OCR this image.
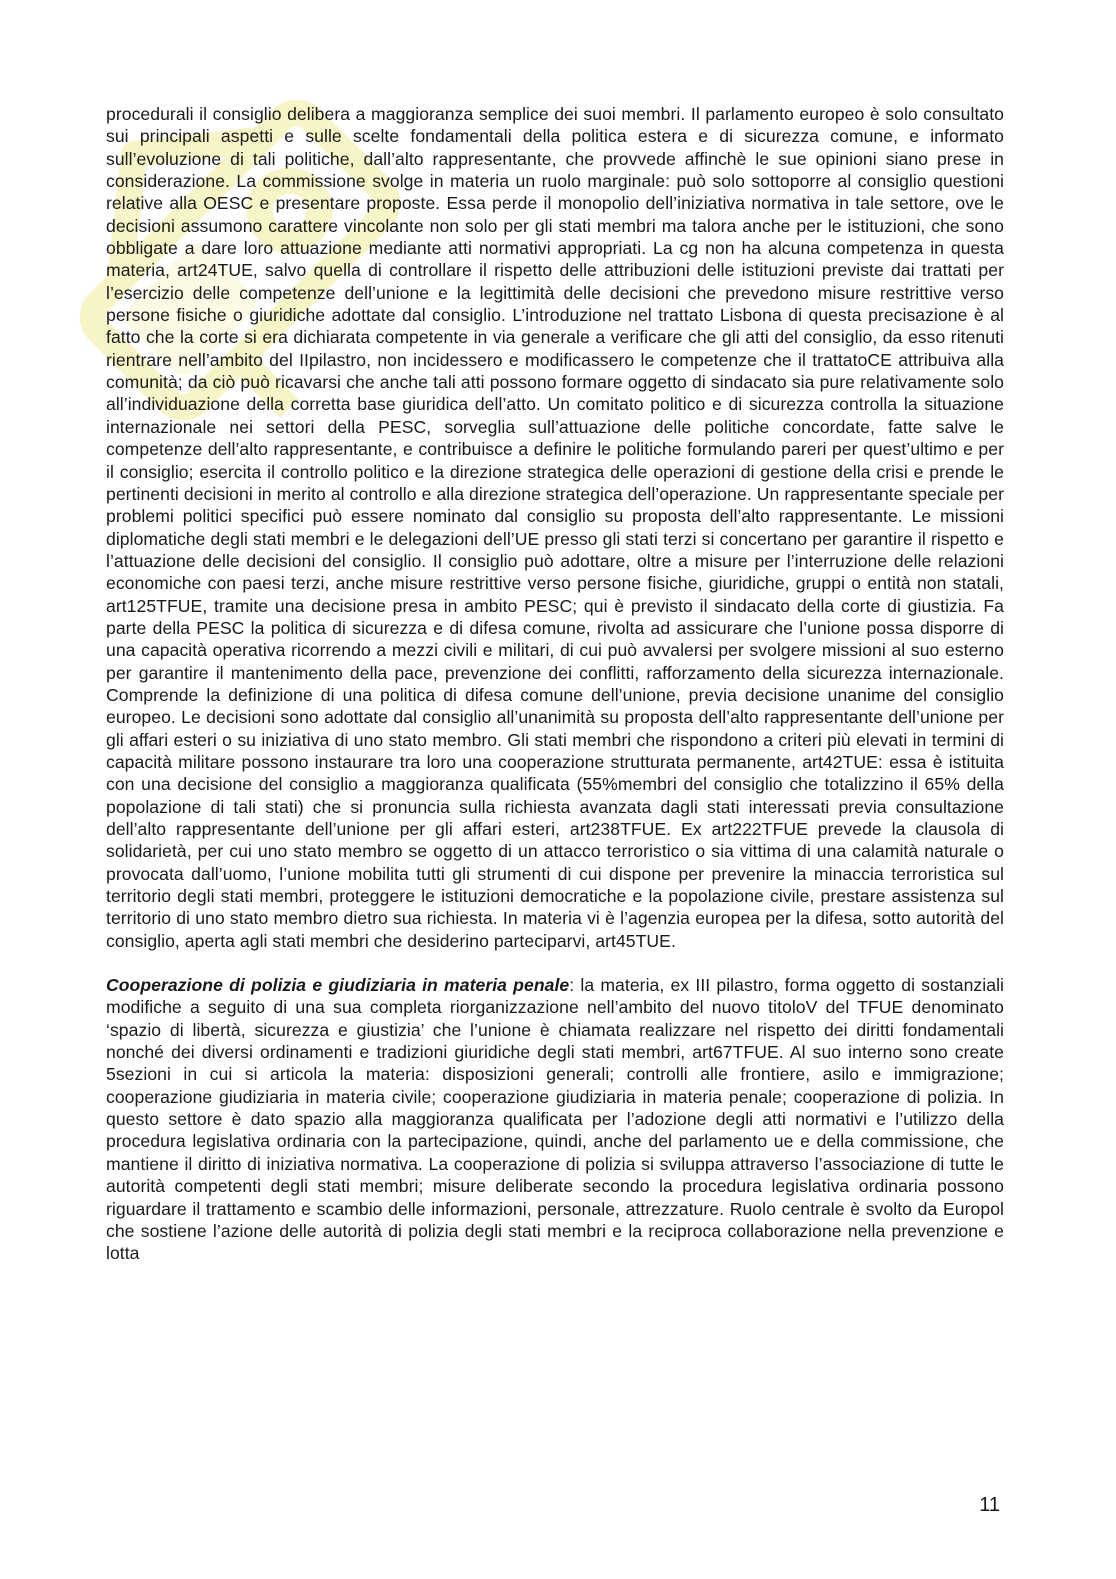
procedurali il consiglio delibera a maggioranza semplice dei suoi membri. Il parlamento europeo è solo consultato sui principali aspetti e sulle scelte fondamentali della politica estera e di sicurezza comune, e informato sull’evoluzione di tali politiche, dall’alto rappresentante, che provvede affinchè le sue opinioni siano prese in considerazione. La commissione svolge in materia un ruolo marginale: può solo sottoporre al consiglio questioni relative alla OESC e presentare proposte. Essa perde il monopolio dell’iniziativa normativa in tale settore, ove le decisioni assumono carattere vincolante non solo per gli stati membri ma talora anche per le istituzioni, che sono obbligate a dare loro attuazione mediante atti normativi appropriati. La cg non ha alcuna competenza in questa materia, art24TUE, salvo quella di controllare il rispetto delle attribuzioni delle istituzioni previste dai trattati per l’esercizio delle competenze dell’unione e la legittimità delle decisioni che prevedono misure restrittive verso persone fisiche o giuridiche adottate dal consiglio. L’introduzione nel trattato Lisbona di questa precisazione è al fatto che la corte si era dichiarata competente in via generale a verificare che gli atti del consiglio, da esso ritenuti rientrare nell’ambito del IIpilastro, non incidessero e modificassero le competenze che il trattatoCE attribuiva alla comunità; da ciò può ricavarsi che anche tali atti possono formare oggetto di sindacato sia pure relativamente solo all’individuazione della corretta base giuridica dell’atto. Un comitato politico e di sicurezza controlla la situazione internazionale nei settori della PESC, sorveglia sull’attuazione delle politiche concordate, fatte salve le competenze dell’alto rappresentante, e contribuisce a definire le politiche formulando pareri per quest’ultimo e per il consiglio; esercita il controllo politico e la direzione strategica delle operazioni di gestione della crisi e prende le pertinenti decisioni in merito al controllo e alla direzione strategica dell’operazione. Un rappresentante speciale per problemi politici specifici può essere nominato dal consiglio su proposta dell’alto rappresentante. Le missioni diplomatiche degli stati membri e le delegazioni dell’UE presso gli stati terzi si concertano per garantire il rispetto e l’attuazione delle decisioni del consiglio. Il consiglio può adottare, oltre a misure per l’interruzione delle relazioni economiche con paesi terzi, anche misure restrittive verso persone fisiche, giuridiche, gruppi o entità non statali, art125TFUE, tramite una decisione presa in ambito PESC; qui è previsto il sindacato della corte di giustizia. Fa parte della PESC la politica di sicurezza e di difesa comune, rivolta ad assicurare che l’unione possa disporre di una capacità operativa ricorrendo a mezzi civili e militari, di cui può avvalersi per svolgere missioni al suo esterno per garantire il mantenimento della pace, prevenzione dei conflitti, rafforzamento della sicurezza internazionale. Comprende la definizione di una politica di difesa comune dell’unione, previa decisione unanime del consiglio europeo. Le decisioni sono adottate dal consiglio all’unanimità su proposta dell’alto rappresentante dell’unione per gli affari esteri o su iniziativa di uno stato membro. Gli stati membri che rispondono a criteri più elevati in termini di capacità militare possono instaurare tra loro una cooperazione strutturata permanente, art42TUE: essa è istituita con una decisione del consiglio a maggioranza qualificata (55%membri del consiglio che totalizzino il 65% della popolazione di tali stati) che si pronuncia sulla richiesta avanzata dagli stati interessati previa consultazione dell’alto rappresentante dell’unione per gli affari esteri, art238TFUE. Ex art222TFUE prevede la clausola di solidarietà, per cui uno stato membro se oggetto di un attacco terroristico o sia vittima di una calamità naturale o provocata dall’uomo, l’unione mobilita tutti gli strumenti di cui dispone per prevenire la minaccia terroristica sul territorio degli stati membri, proteggere le istituzioni democratiche e la popolazione civile, prestare assistenza sul territorio di uno stato membro dietro sua richiesta. In materia vi è l’agenzia europea per la difesa, sotto autorità del consiglio, aperta agli stati membri che desiderino parteciparvi, art45TUE.

Cooperazione di polizia e giudiziaria in materia penale: la materia, ex III pilastro, forma oggetto di sostanziali modifiche a seguito di una sua completa riorganizzazione nell’ambito del nuovo titoloV del TFUE denominato ‘spazio di libertà, sicurezza e giustizia’ che l’unione è chiamata realizzare nel rispetto dei diritti fondamentali nonché dei diversi ordinamenti e tradizioni giuridiche degli stati membri, art67TFUE. Al suo interno sono create 5sezioni in cui si articola la materia: disposizioni generali; controlli alle frontiere, asilo e immigrazione; cooperazione giudiziaria in materia civile; cooperazione giudiziaria in materia penale; cooperazione di polizia. In questo settore è dato spazio alla maggioranza qualificata per l’adozione degli atti normativi e l’utilizzo della procedura legislativa ordinaria con la partecipazione, quindi, anche del parlamento ue e della commissione, che mantiene il diritto di iniziativa normativa. La cooperazione di polizia si sviluppa attraverso l’associazione di tutte le autorità competenti degli stati membri; misure deliberate secondo la procedura legislativa ordinaria possono riguardare il trattamento e scambio delle informazioni, personale, attrezzature. Ruolo centrale è svolto da Europol che sostiene l’azione delle autorità di polizia degli stati membri e la reciproca collaborazione nella prevenzione e lotta

11
